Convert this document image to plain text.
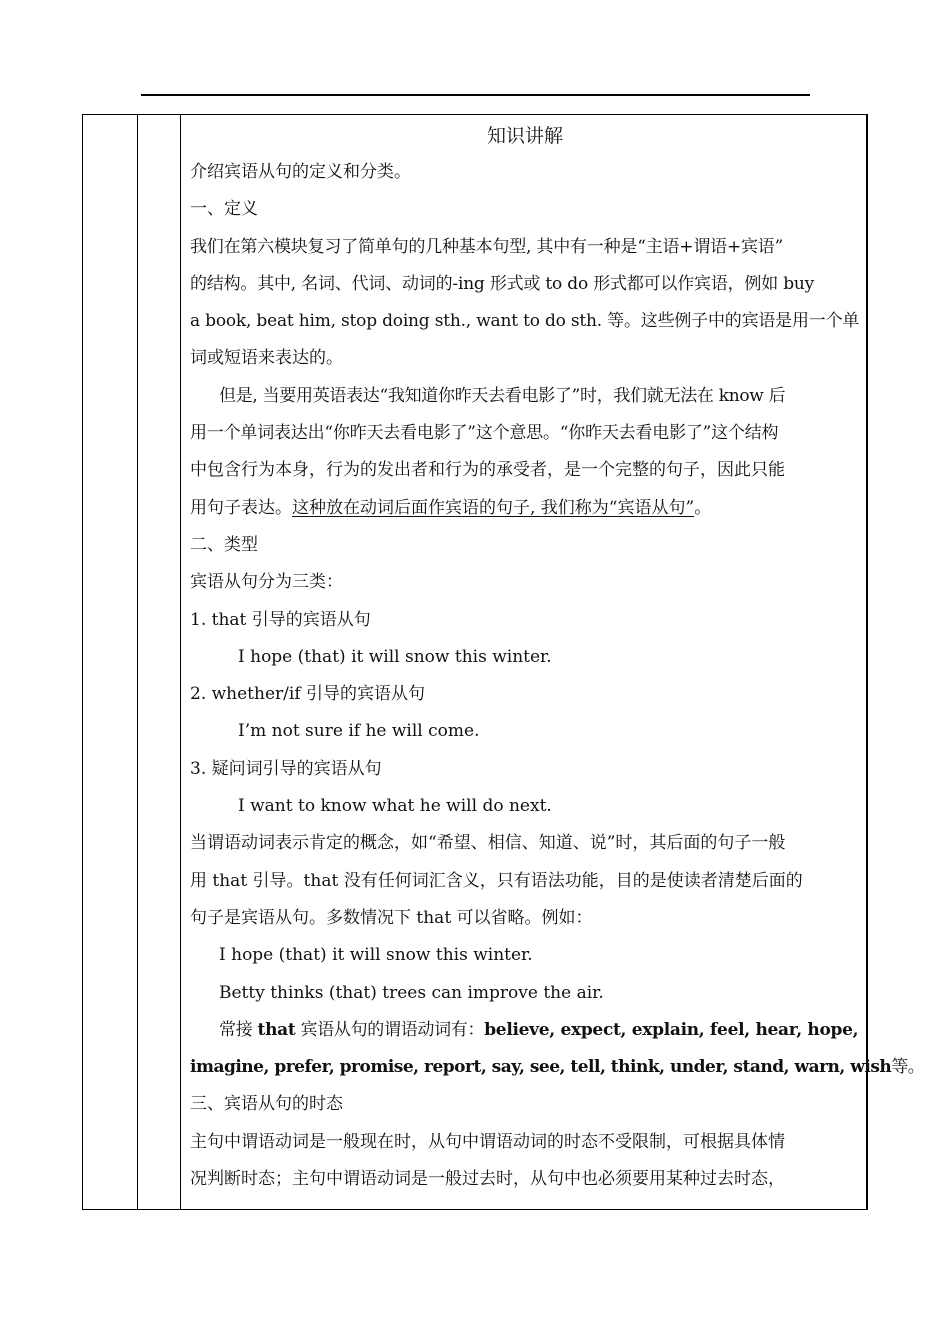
知识讲解
介绍宾语从句的定义和分类。
一、定义
我们在第六模块复习了简单句的几种基本句型, 其中有一种是“主语+谓语+宾语”
的结构。其中, 名词、代词、动词的-ing 形式或 to do 形式都可以作宾语，例如 buy
a book, beat him, stop doing sth., want to do sth. 等。这些例子中的宾语是用一个单
词或短语来表达的。
但是, 当要用英语表达“我知道你昨天去看电影了”时，我们就无法在 know 后
用一个单词表达出“你昨天去看电影了”这个意思。“你昨天去看电影了”这个结构
中包含行为本身，行为的发出者和行为的承受者，是一个完整的句子，因此只能
用句子表达。这种放在动词后面作宾语的句子, 我们称为“宾语从句”。
二、类型
宾语从句分为三类：
1. that 引导的宾语从句
I hope (that) it will snow this winter.
2. whether/if 引导的宾语从句
I’m not sure if he will come.
3. 疑问词引导的宾语从句
I want to know what he will do next.
当谓语动词表示肯定的概念，如“希望、相信、知道、说”时，其后面的句子一般
用 that 引导。that 没有任何词汇含义，只有语法功能，目的是使读者清楚后面的
句子是宾语从句。多数情况下 that 可以省略。例如：
I hope (that) it will snow this winter.
Betty thinks (that) trees can improve the air.
常接 that 宾语从句的谓语动词有：believe, expect, explain, feel, hear, hope,
imagine, prefer, promise, report, say, see, tell, think, under, stand, warn, wish等。
三、宾语从句的时态
主句中谓语动词是一般现在时，从句中谓语动词的时态不受限制，可根据具体情
况判断时态；主句中谓语动词是一般过去时，从句中也必须要用某种过去时态，
